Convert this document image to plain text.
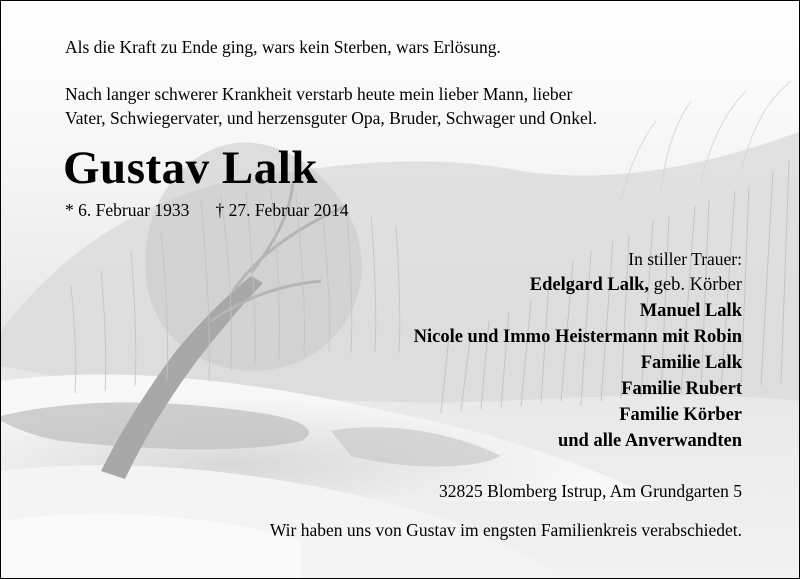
Als die Kraft zu Ende ging, wars kein Sterben, wars Erlösung.
Nach langer schwerer Krankheit verstarb heute mein lieber Mann, lieber
Vater, Schwiegervater, und herzensguter Opa, Bruder, Schwager und Onkel.
Gustav Lalk
* 6. Februar 1933 † 27. Februar 2014
In stiller Trauer:
Edelgard Lalk, geb. Körber
Manuel Lalk
Nicole und Immo Heistermann mit Robin
Familie Lalk
Familie Rubert
Familie Körber
und alle Anverwandten
32825 Blomberg Istrup, Am Grundgarten 5
Wir haben uns von Gustav im engsten Familienkreis verabschiedet.
